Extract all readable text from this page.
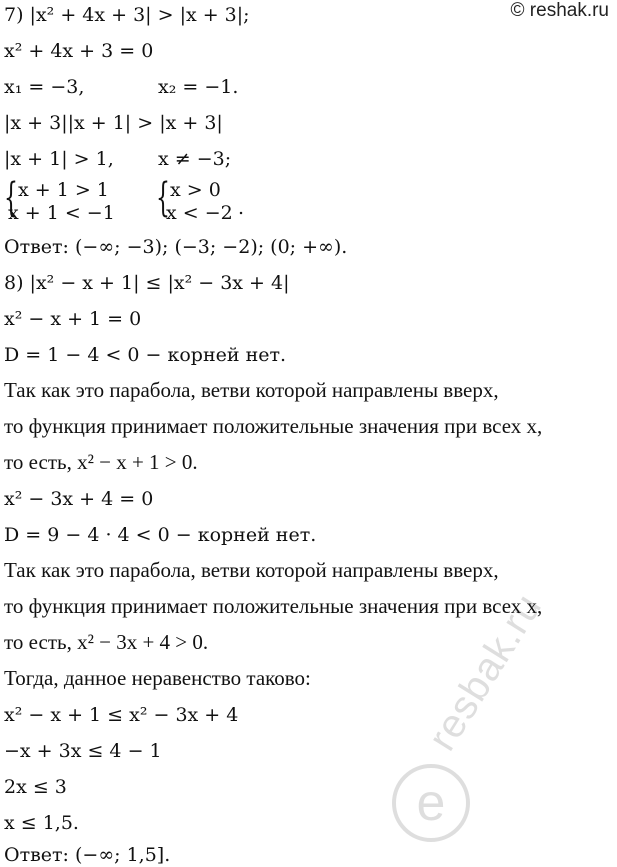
© reshak.ru
resbak.ru
е
7) |x² + 4x + 3| > |x + 3|;
x² + 4x + 3 = 0
x₁ = −3,	x₂ = −1.
|x + 3||x + 1| > |x + 3|
|x + 1| > 1, x ≠ −3;
{ x + 1 > 1
x + 1 < −1 { x > 0
x < −2 .
Ответ: (−∞; −3); (−3; −2); (0; +∞).
8) |x² − x + 1| ≤ |x² − 3x + 4|
x² − x + 1 = 0
D = 1 − 4 < 0 − корней нет.
Так как это парабола, ветви которой направлены вверх,
то функция принимает положительные значения при всех x,
то есть, x² − x + 1 > 0.
x² − 3x + 4 = 0
D = 9 − 4 · 4 < 0 − корней нет.
Так как это парабола, ветви которой направлены вверх,
то функция принимает положительные значения при всех x,
то есть, x² − 3x + 4 > 0.
Тогда, данное неравенство таково:
x² − x + 1 ≤ x² − 3x + 4
−x + 3x ≤ 4 − 1
2x ≤ 3
x ≤ 1,5.
Ответ: (−∞; 1,5].
